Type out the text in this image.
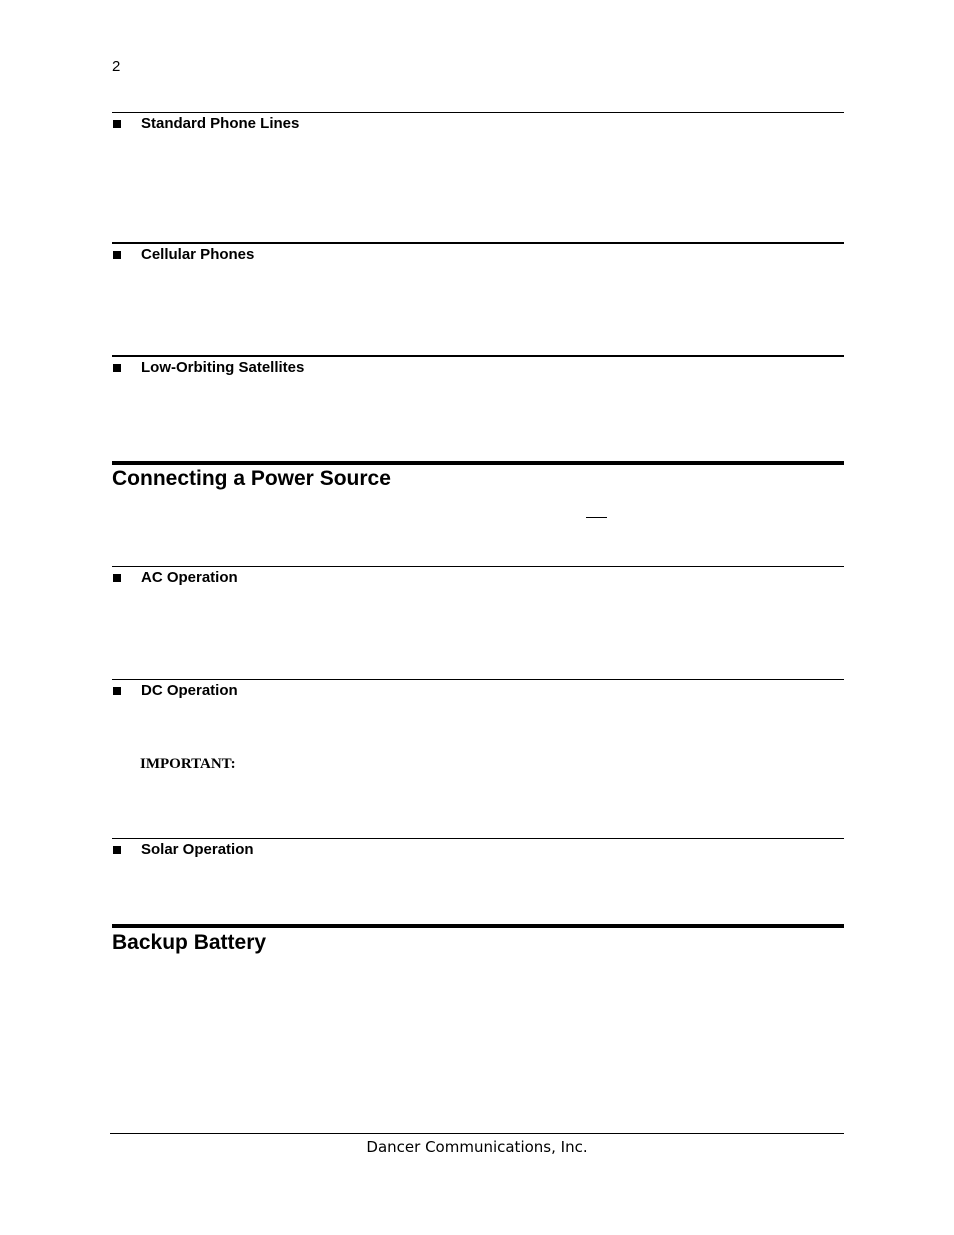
2
Standard Phone Lines
Cellular Phones
Low-Orbiting Satellites
Connecting a Power Source
AC Operation
DC Operation
IMPORTANT:
Solar Operation
Backup Battery
Dancer Communications, Inc.
